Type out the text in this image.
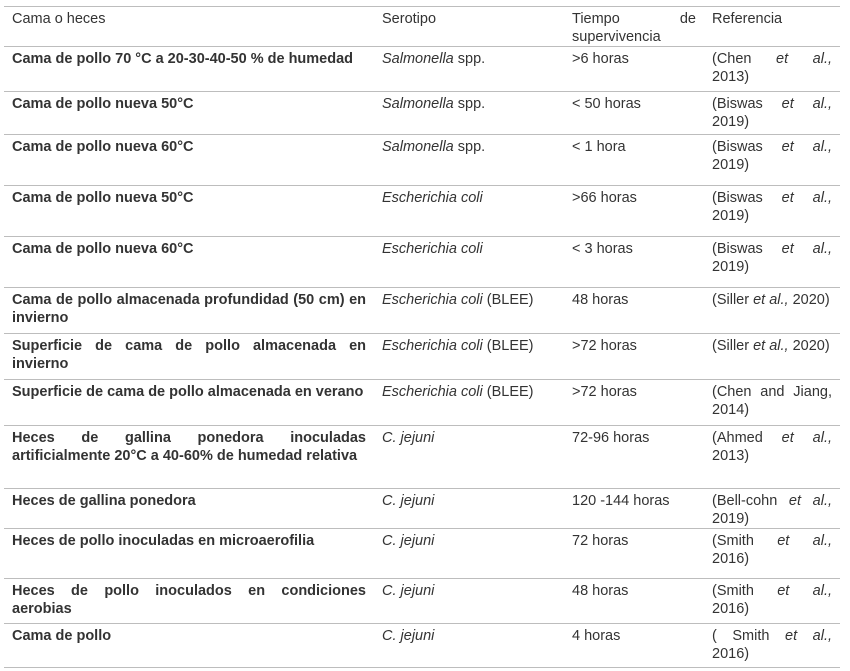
Cama o heces	Serotipo	Tiempo de supervivencia	Referencia
Cama de pollo 70 °C a 20-30-40-50 % de humedad	Salmonella spp.	>6 horas	(Chen et al., 2013)
Cama de pollo nueva 50°C	Salmonella spp.	< 50 horas	(Biswas et al., 2019)
Cama de pollo nueva 60°C	Salmonella spp.	< 1 hora	(Biswas et al., 2019)
Cama de pollo nueva 50°C	Escherichia coli	>66 horas	(Biswas et al., 2019)
Cama de pollo nueva 60°C	Escherichia coli	< 3 horas	(Biswas et al., 2019)
Cama de pollo almacenada profundidad (50 cm) en invierno	Escherichia coli (BLEE)	48 horas	(Siller et al., 2020)
Superficie de cama de pollo almacenada en invierno	Escherichia coli (BLEE)	>72 horas	(Siller et al., 2020)
Superficie de cama de pollo almacenada en verano	Escherichia coli (BLEE)	>72 horas	(Chen and Jiang, 2014)
Heces de gallina ponedora inoculadas artificialmente 20°C a 40-60% de humedad relativa	C. jejuni	72-96 horas	(Ahmed et al., 2013)
Heces de gallina ponedora	C. jejuni	120 -144 horas	(Bell-cohn et al., 2019)
Heces de pollo inoculadas en microaerofilia	C. jejuni	72 horas	(Smith et al., 2016)
Heces de pollo inoculados en condiciones aerobias	C. jejuni	48 horas	(Smith et al., 2016)
Cama de pollo	C. jejuni	4 horas	( Smith et al., 2016)
